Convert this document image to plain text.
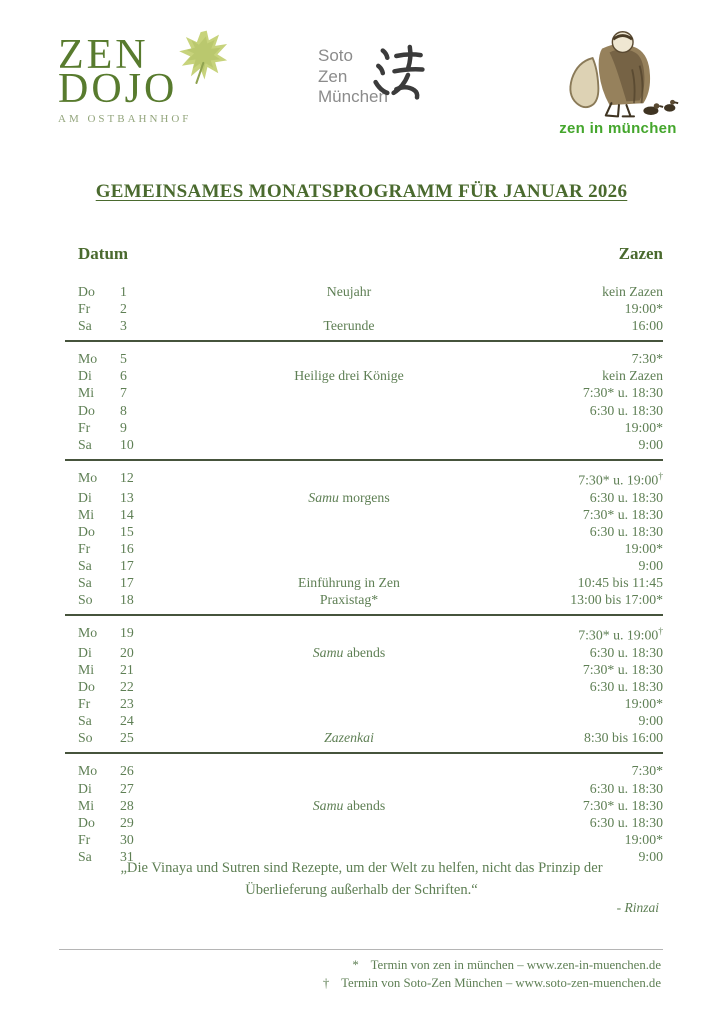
ZEN
DOJO
AM OSTBAHNHOF
Soto
Zen
München
zen in münchen
GEMEINSAMES MONATSPROGRAMM FÜR JANUAR 2026
Datum	Zazen
Do	1	Neujahr	kein Zazen
Fr	2	19:00*
Sa	3	Teerunde	16:00
Mo	5	7:30*
Di	6	Heilige drei Könige	kein Zazen
Mi	7	7:30* u. 18:30
Do	8	6:30 u. 18:30
Fr	9	19:00*
Sa	10	9:00
Mo	12	7:30* u. 19:00†
Di	13	Samu morgens	6:30 u. 18:30
Mi	14	7:30* u. 18:30
Do	15	6:30 u. 18:30
Fr	16	19:00*
Sa	17	9:00
Sa	17	Einführung in Zen	10:45 bis 11:45
So	18	Praxistag*	13:00 bis 17:00*
Mo	19	7:30* u. 19:00†
Di	20	Samu abends	6:30 u. 18:30
Mi	21	7:30* u. 18:30
Do	22	6:30 u. 18:30
Fr	23	19:00*
Sa	24	9:00
So	25	Zazenkai	8:30 bis 16:00
Mo	26	7:30*
Di	27	6:30 u. 18:30
Mi	28	Samu abends	7:30* u. 18:30
Do	29	6:30 u. 18:30
Fr	30	19:00*
Sa	31	9:00
„Die Vinaya und Sutren sind Rezepte, um der Welt zu helfen, nicht das Prinzip der
Überlieferung außerhalb der Schriften.“
- Rinzai
* Termin von zen in münchen – www.zen-in-muenchen.de
† Termin von Soto-Zen München – www.soto-zen-muenchen.de
